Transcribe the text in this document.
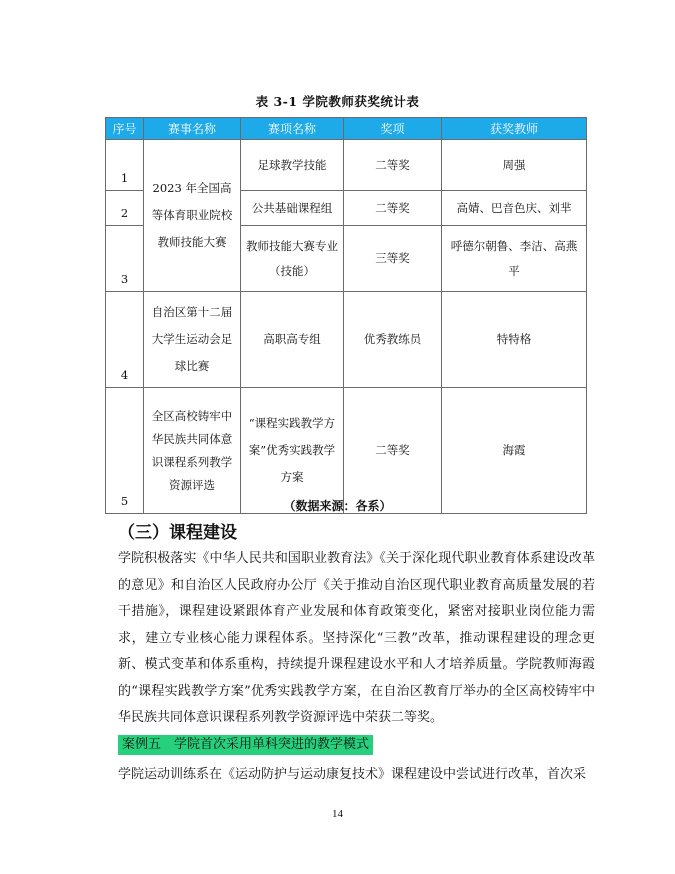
表 3-1 学院教师获奖统计表
序号	赛事名称	赛项名称	奖项	获奖教师
1	2023 年全国高等体育职业院校教师技能大赛	足球教学技能	二等奖	周强
2		公共基础课程组	二等奖	高婧、巴音色庆、刘芈
3		教师技能大赛专业（技能）	三等奖	呼德尔朝鲁、李洁、高燕平
4	自治区第十二届大学生运动会足球比赛	高职高专组	优秀教练员	特特格
5	全区高校铸牢中华民族共同体意识课程系列教学资源评选	“课程实践教学方案”优秀实践教学方案	二等奖	海霞
（数据来源：各系）
（三）课程建设

学院积极落实《中华人民共和国职业教育法》《关于深化现代职业教育体系建设改革的意见》和自治区人民政府办公厅《关于推动自治区现代职业教育高质量发展的若干措施》，课程建设紧跟体育产业发展和体育政策变化，紧密对接职业岗位能力需求，建立专业核心能力课程体系。坚持深化“三教”改革，推动课程建设的理念更新、模式变革和体系重构，持续提升课程建设水平和人才培养质量。学院教师海霞的“课程实践教学方案”优秀实践教学方案，在自治区教育厅举办的全区高校铸牢中华民族共同体意识课程系列教学资源评选中荣获二等奖。

案例五　学院首次采用单科突进的教学模式

学院运动训练系在《运动防护与运动康复技术》课程建设中尝试进行改革，首次采

14
